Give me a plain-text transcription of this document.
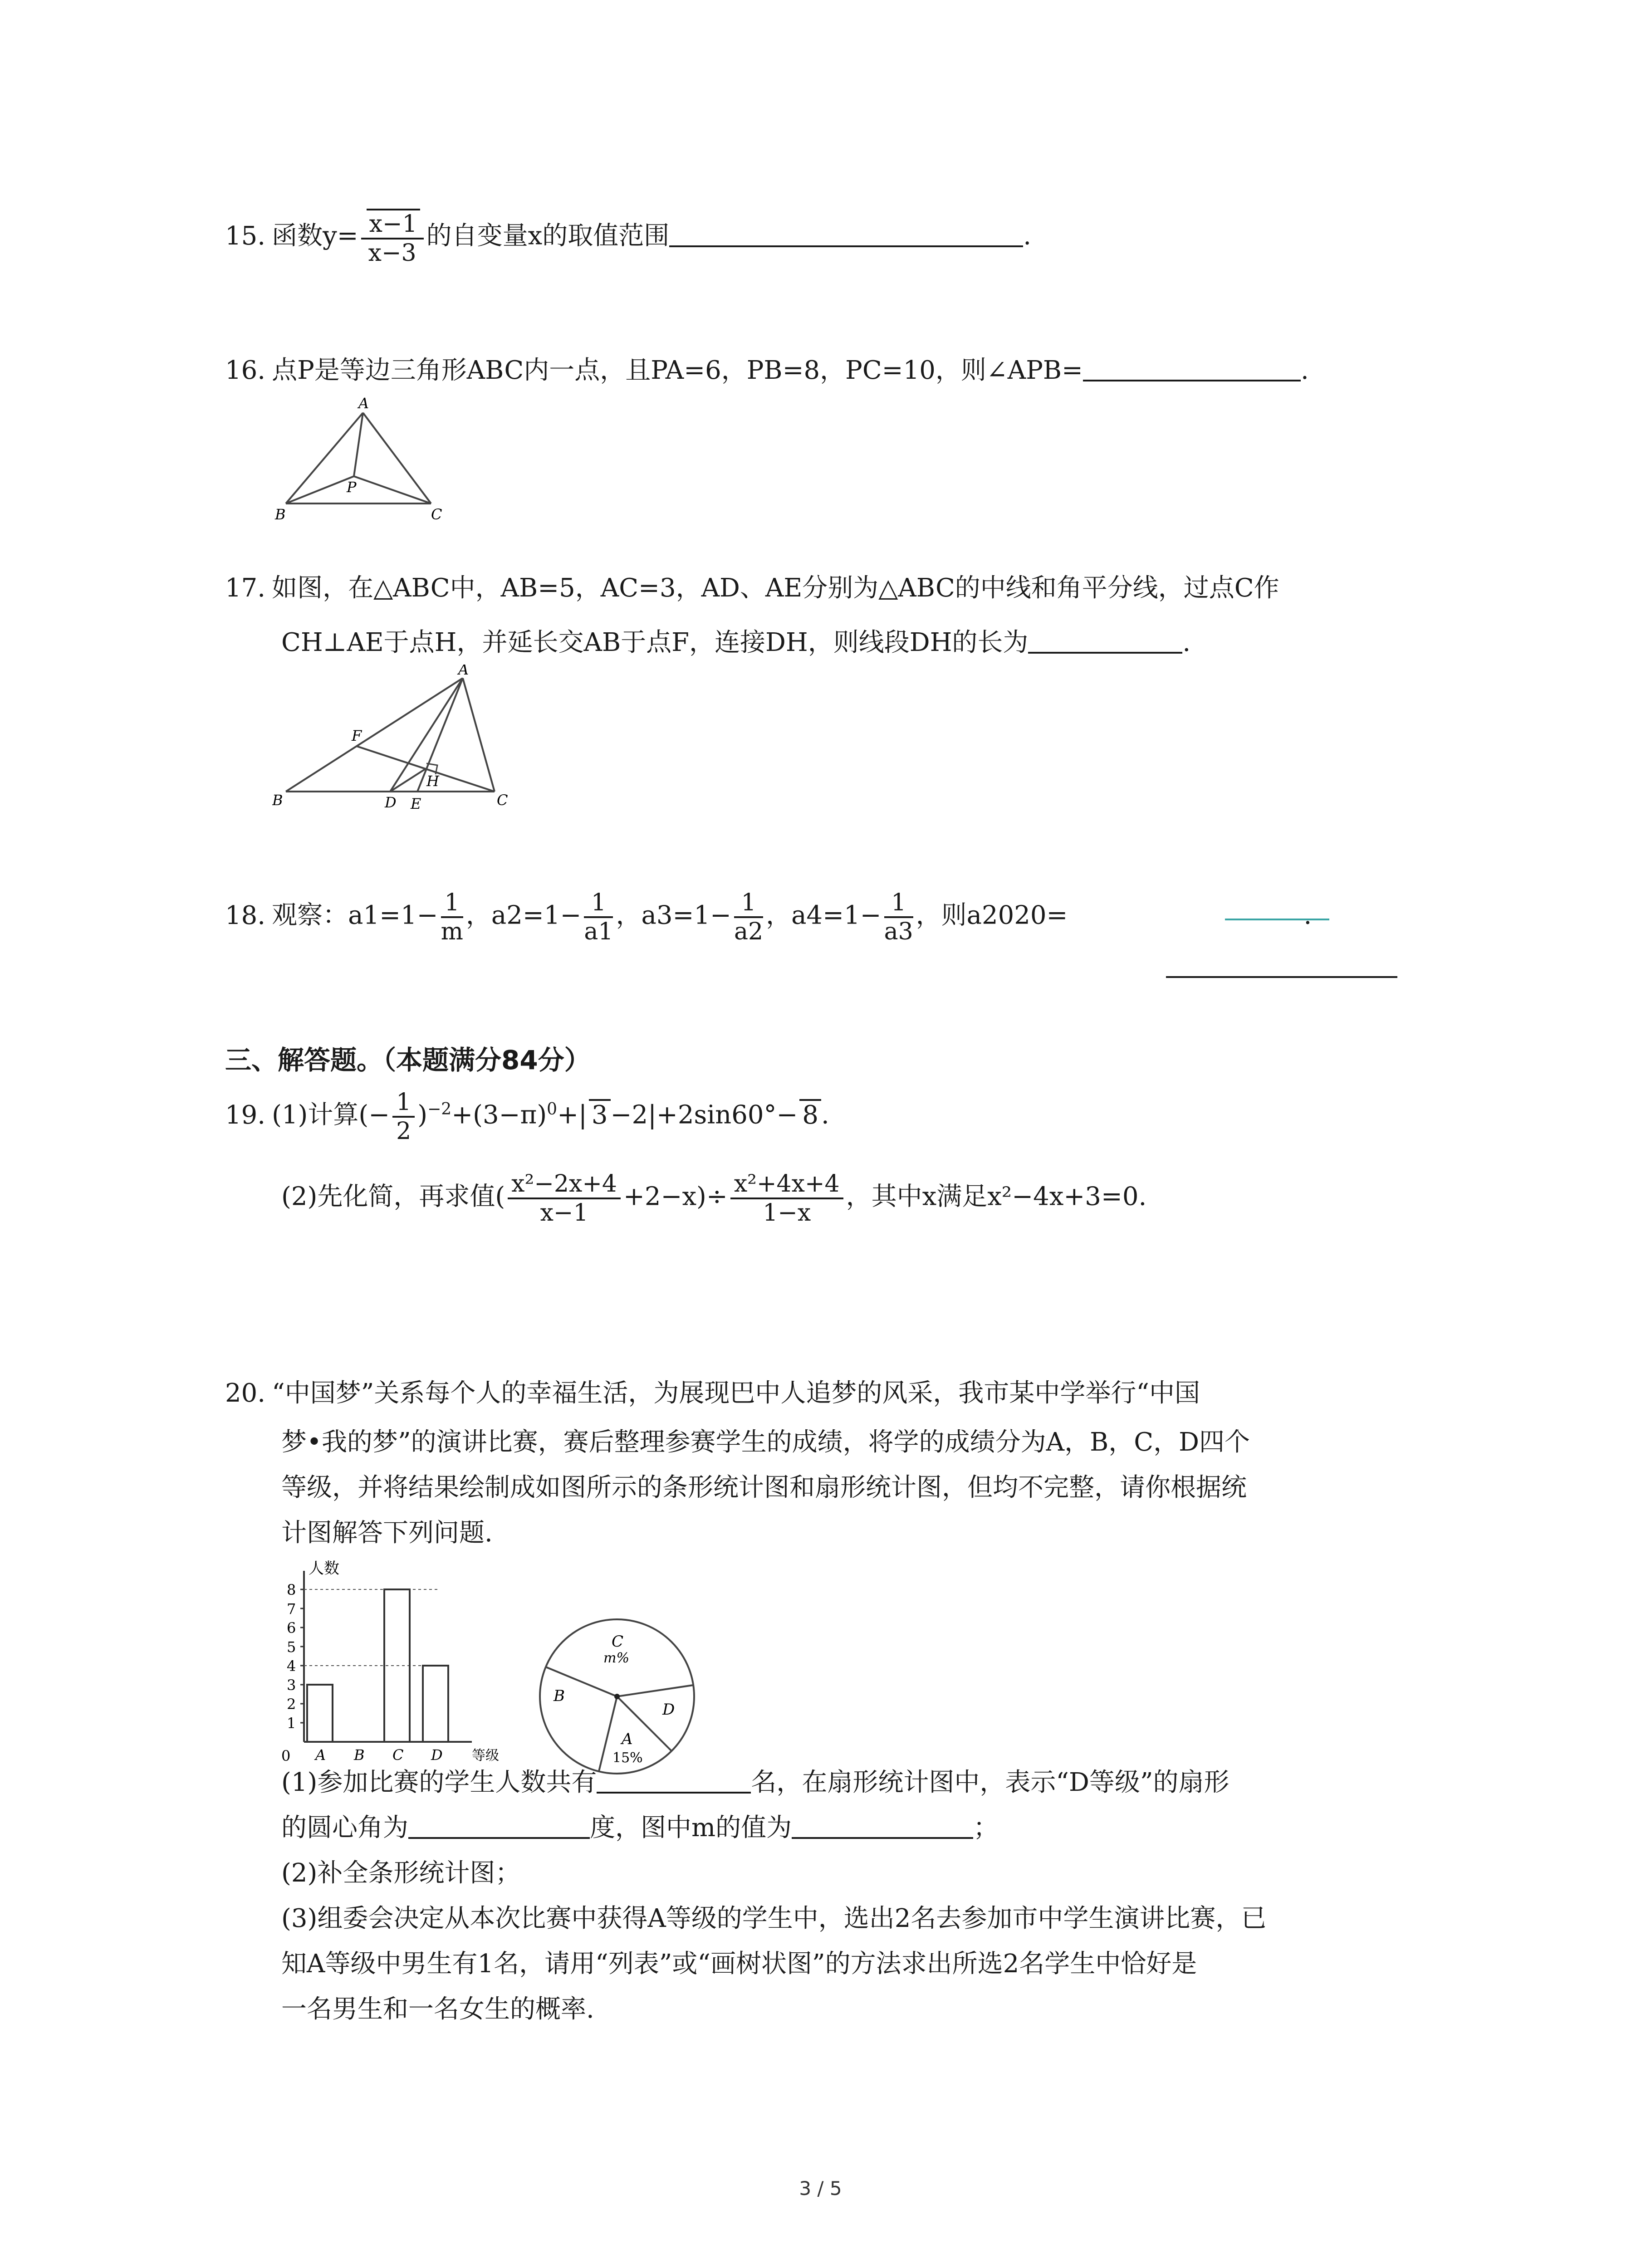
15. 函数$y= \frac{x-1}{x-3}$ 的自变量x的取值范围	.
16. 点P是等边三角形ABC内一点，且PA=6，PB=8，PC=10，则∠APB=	.
A
B	C
P
17. 如图，在△ABC中，AB=5，AC=3，AD、AE分别为△ABC的中线和角平分线，过点C作
CH⊥AE于点H，并延长交AB于点F，连接DH，则线段DH的长为	.
A
B	C
D E
F
H
18. 观察：$a1=1- \frac{1}{m}$ ，$a2=1- \frac{1}{a1}$ ，$a3=1- \frac{1}{a2}$ ，$a4=1- \frac{1}{a3}$ ，则a2020=	.
三、解答题。（本题满分84分）
19. (1)计算(− $\frac{1}{2} )^{-2}+(3-\pi)^0+|$ 3 −2|+2sin60°− 8 .
(2)先化简，再求值( $\frac{\text{x²−2x+4}}{x-1} +2-x)\div \frac{\text{x²+4x+4}}{1-x}$ ，其中x满足x²−4x+3=0.
20. “中国梦”关系每个人的幸福生活，为展现巴中人追梦的风采，我市某中学举行“中国
梦•我的梦”的演讲比赛，赛后整理参赛学生的成绩，将学的成绩分为A，B，C，D四个
等级，并将结果绘制成如图所示的条形统计图和扇形统计图，但均不完整，请你根据统
计图解答下列问题.
人数
等级
0
1
2
3
4
5
6
7
8
A B C D
C
m%
B
D
A
15%
(1)参加比赛的学生人数共有	名，在扇形统计图中，表示“D等级”的扇形
的圆心角为	度，图中m的值为	；
(2)补全条形统计图；
(3)组委会决定从本次比赛中获得A等级的学生中，选出2名去参加市中学生演讲比赛，已
知A等级中男生有1名，请用“列表”或“画树状图”的方法求出所选2名学生中恰好是
一名男生和一名女生的概率.
3 / 5
